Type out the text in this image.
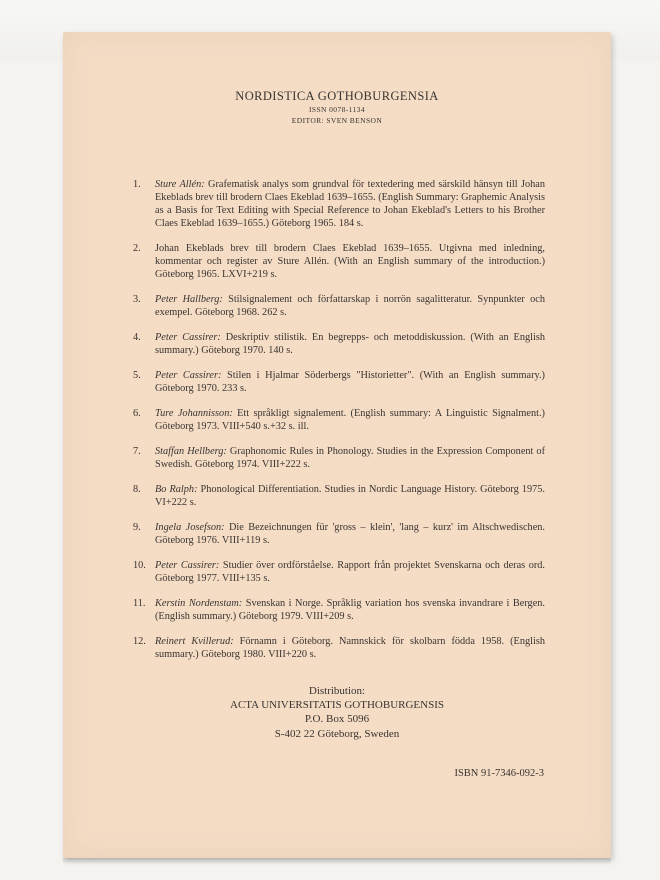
NORDISTICA GOTHOBURGENSIA
ISSN 0078-1134
EDITOR: SVEN BENSON
1.	Sture Allén: Grafematisk analys som grundval för textedering med särskild hänsyn till Johan Ekeblads brev till brodern Claes Ekeblad 1639–1655. (English Summary: Graphemic Analysis as a Basis for Text Editing with Special Reference to Johan Ekeblad's Letters to his Brother Claes Ekeblad 1639–1655.) Göteborg 1965. 184 s.
2.	Johan Ekeblads brev till brodern Claes Ekeblad 1639–1655. Utgivna med inledning, kommentar och register av Sture Allén. (With an English summary of the introduction.) Göteborg 1965. LXVI+219 s.
3.	Peter Hallberg: Stilsignalement och författarskap i norrön sagalitteratur. Synpunkter och exempel. Göteborg 1968. 262 s.
4.	Peter Cassirer: Deskriptiv stilistik. En begrepps- och metoddiskussion. (With an English summary.) Göteborg 1970. 140 s.
5.	Peter Cassirer: Stilen i Hjalmar Söderbergs "Historietter". (With an English summary.) Göteborg 1970. 233 s.
6.	Ture Johannisson: Ett språkligt signalement. (English summary: A Linguistic Signalment.) Göteborg 1973. VIII+540 s.+32 s. ill.
7.	Staffan Hellberg: Graphonomic Rules in Phonology. Studies in the Expression Component of Swedish. Göteborg 1974. VIII+222 s.
8.	Bo Ralph: Phonological Differentiation. Studies in Nordic Language History. Göteborg 1975. VI+222 s.
9.	Ingela Josefson: Die Bezeichnungen für 'gross – klein', 'lang – kurz' im Altschwedischen. Göteborg 1976. VIII+119 s.
10. Peter Cassirer: Studier över ordförståelse. Rapport från projektet Svenskarna och deras ord. Göteborg 1977. VIII+135 s.
11. Kerstin Nordenstam: Svenskan i Norge. Språklig variation hos svenska invandrare i Bergen. (English summary.) Göteborg 1979. VIII+209 s.
12. Reinert Kvillerud: Förnamn i Göteborg. Namnskick för skolbarn födda 1958. (English summary.) Göteborg 1980. VIII+220 s.
Distribution:
ACTA UNIVERSITATIS GOTHOBURGENSIS
P.O. Box 5096
S-402 22 Göteborg, Sweden
ISBN 91-7346-092-3
